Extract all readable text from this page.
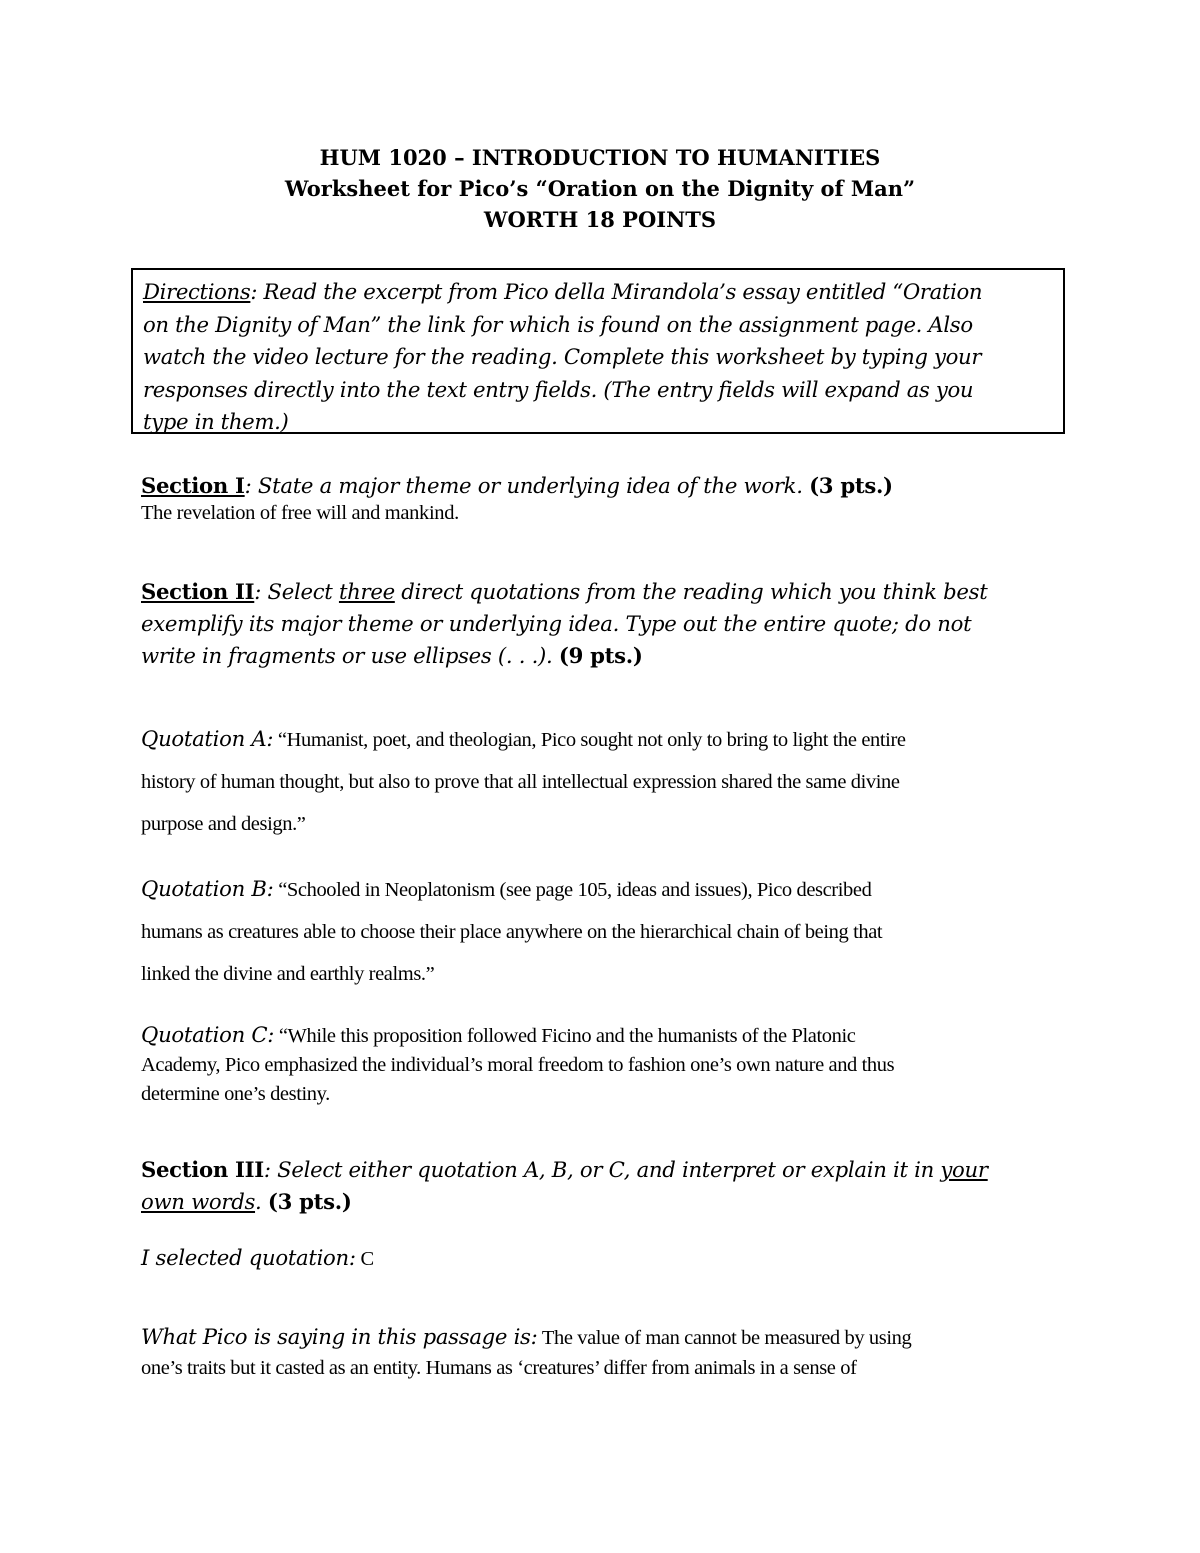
HUM 1020 – INTRODUCTION TO HUMANITIES
Worksheet for Pico’s “Oration on the Dignity of Man”
WORTH 18 POINTS
Directions: Read the excerpt from Pico della Mirandola’s essay entitled “Oration
on the Dignity of Man” the link for which is found on the assignment page. Also
watch the video lecture for the reading. Complete this worksheet by typing your
responses directly into the text entry fields. (The entry fields will expand as you
type in them.)
Section I: State a major theme or underlying idea of the work. (3 pts.)
The revelation of free will and mankind.
Section II: Select three direct quotations from the reading which you think best
exemplify its major theme or underlying idea. Type out the entire quote; do not
write in fragments or use ellipses (. . .). (9 pts.)
Quotation A: “Humanist, poet, and theologian, Pico sought not only to bring to light the entire
history of human thought, but also to prove that all intellectual expression shared the same divine
purpose and design.”
Quotation B: “Schooled in Neoplatonism (see page 105, ideas and issues), Pico described
humans as creatures able to choose their place anywhere on the hierarchical chain of being that
linked the divine and earthly realms.”
Quotation C: “While this proposition followed Ficino and the humanists of the Platonic
Academy, Pico emphasized the individual’s moral freedom to fashion one’s own nature and thus
determine one’s destiny.
Section III: Select either quotation A, B, or C, and interpret or explain it in your
own words. (3 pts.)
I selected quotation: C
What Pico is saying in this passage is: The value of man cannot be measured by using
one’s traits but it casted as an entity. Humans as ‘creatures’ differ from animals in a sense of
